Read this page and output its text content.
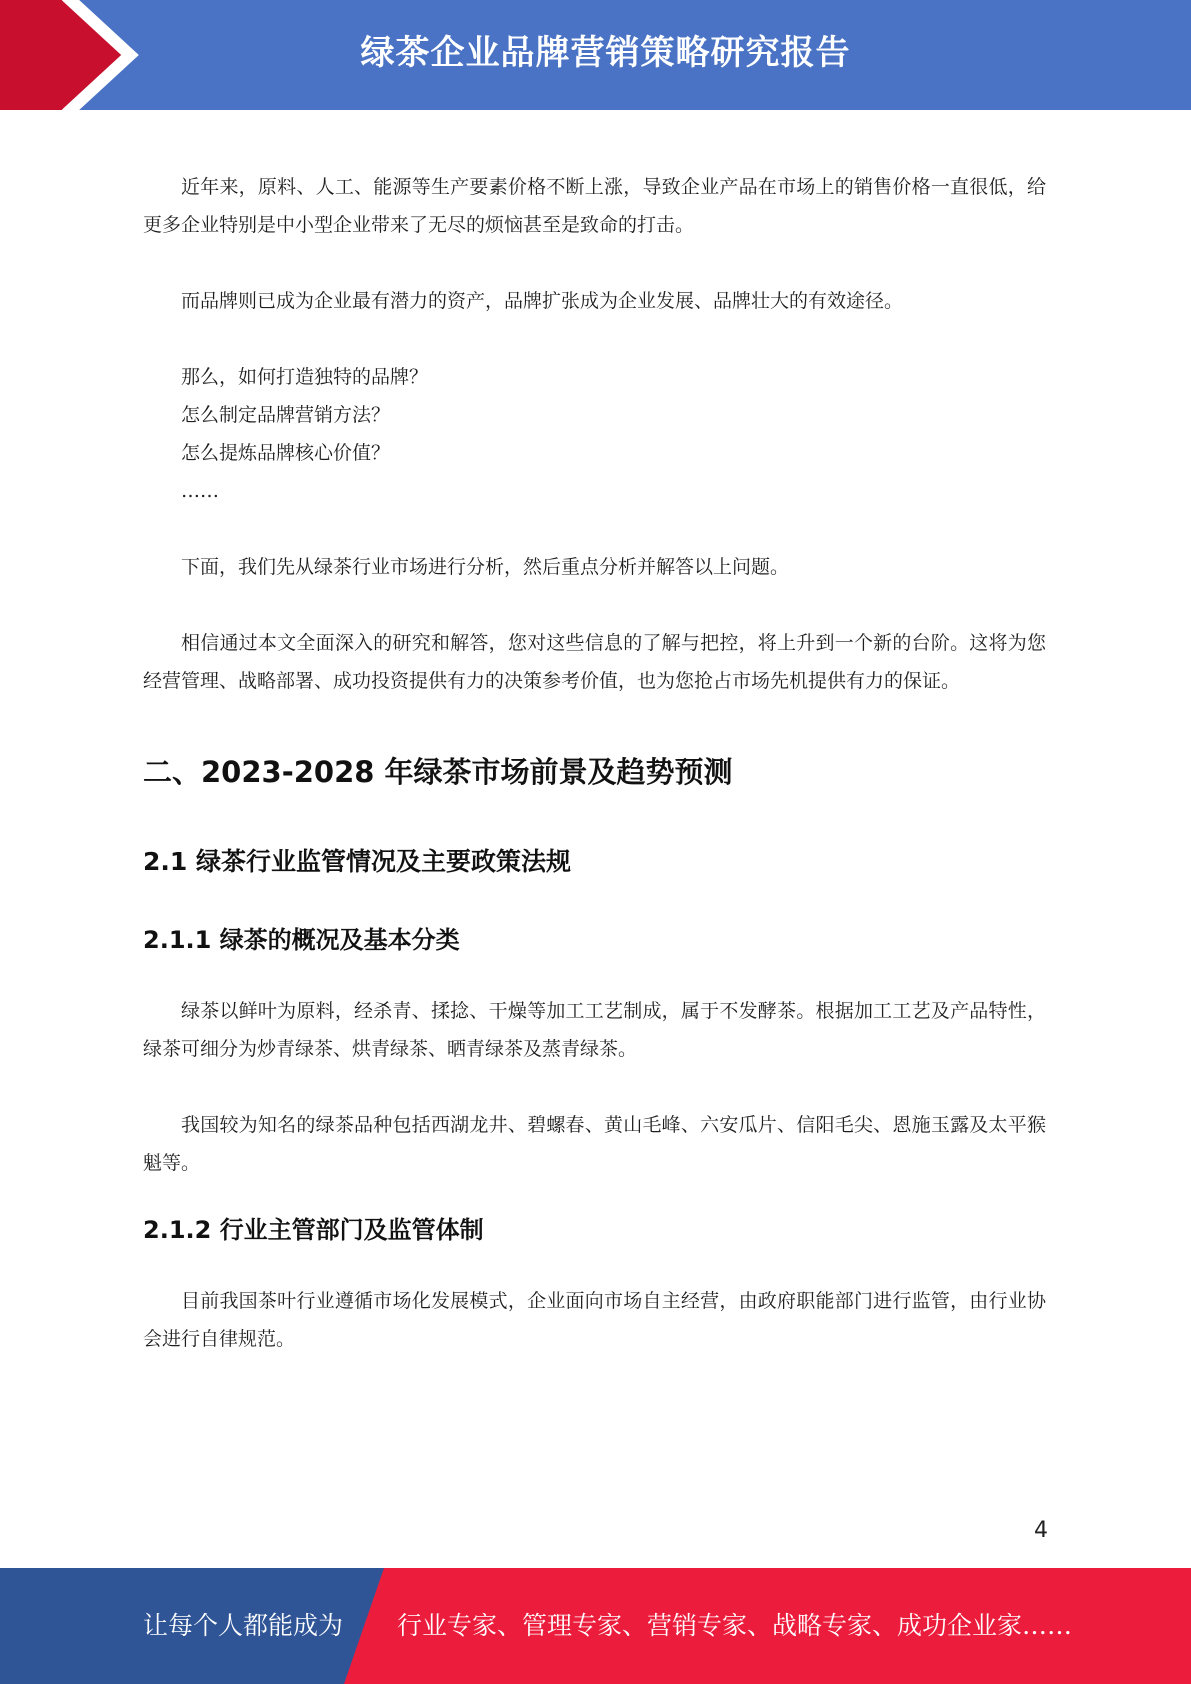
绿茶企业品牌营销策略研究报告

近年来，原料、人工、能源等生产要素价格不断上涨，导致企业产品在市场上的销售价格一直很低，给更多企业特别是中小型企业带来了无尽的烦恼甚至是致命的打击。

而品牌则已成为企业最有潜力的资产，品牌扩张成为企业发展、品牌壮大的有效途径。

那么，如何打造独特的品牌？
怎么制定品牌营销方法？
怎么提炼品牌核心价值？
……

下面，我们先从绿茶行业市场进行分析，然后重点分析并解答以上问题。

相信通过本文全面深入的研究和解答，您对这些信息的了解与把控，将上升到一个新的台阶。这将为您经营管理、战略部署、成功投资提供有力的决策参考价值，也为您抢占市场先机提供有力的保证。

二、2023-2028 年绿茶市场前景及趋势预测
2.1 绿茶行业监管情况及主要政策法规
2.1.1 绿茶的概况及基本分类

绿茶以鲜叶为原料，经杀青、揉捻、干燥等加工工艺制成，属于不发酵茶。根据加工工艺及产品特性，绿茶可细分为炒青绿茶、烘青绿茶、晒青绿茶及蒸青绿茶。

我国较为知名的绿茶品种包括西湖龙井、碧螺春、黄山毛峰、六安瓜片、信阳毛尖、恩施玉露及太平猴魁等。

2.1.2 行业主管部门及监管体制

目前我国茶叶行业遵循市场化发展模式，企业面向市场自主经营，由政府职能部门进行监管，由行业协会进行自律规范。

4
让每个人都能成为 行业专家、管理专家、营销专家、战略专家、成功企业家……
